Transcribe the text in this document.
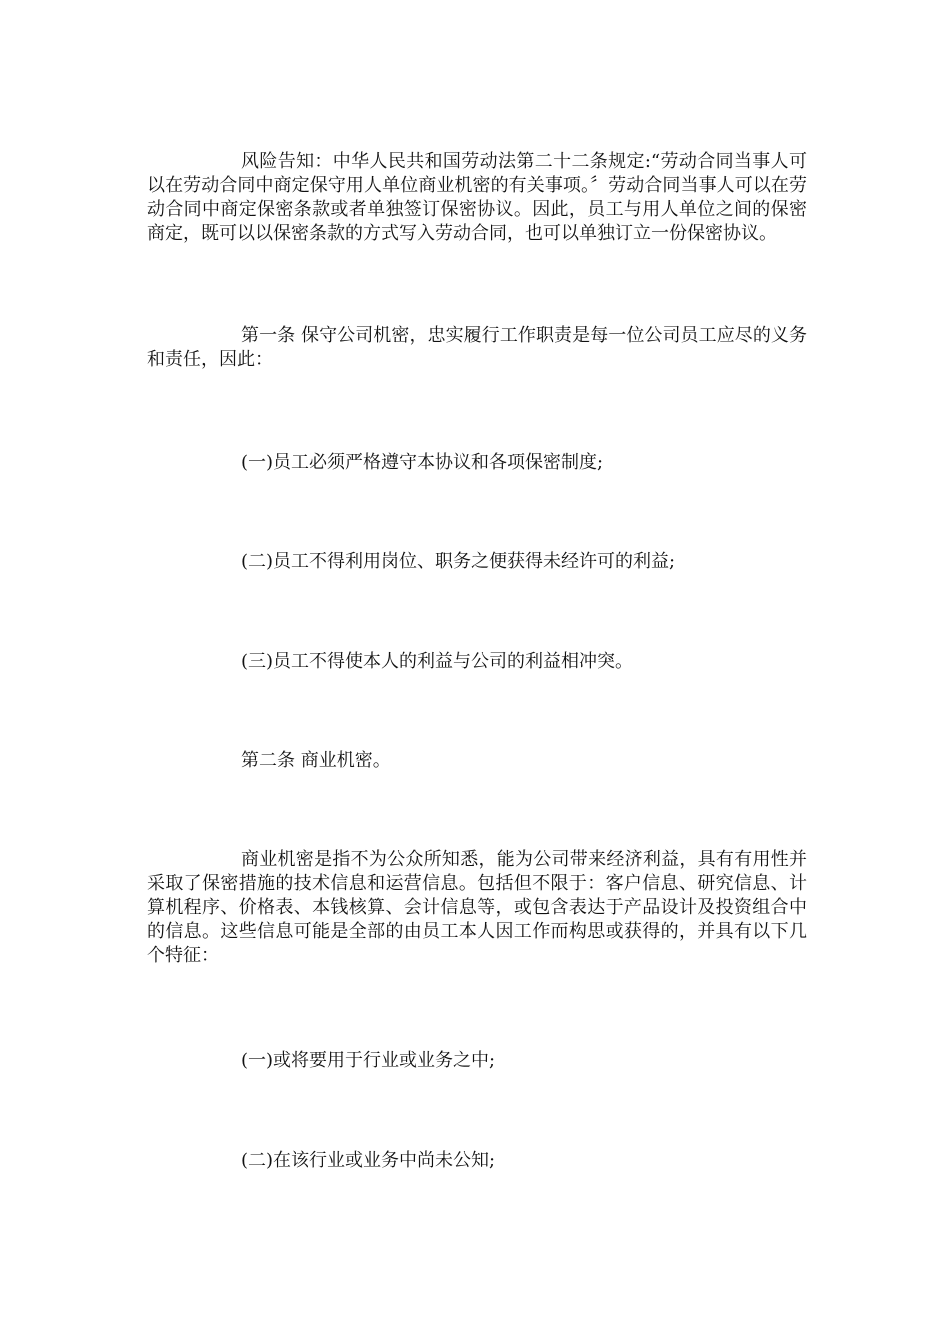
风险告知：中华人民共和国劳动法第二十二条规定:“劳动合同当事人可以在劳动合同中商定保守用人单位商业机密的有关事项。〞劳动合同当事人可以在劳动合同中商定保密条款或者单独签订保密协议。因此，员工与用人单位之间的保密商定，既可以以保密条款的方式写入劳动合同，也可以单独订立一份保密协议。

第一条 保守公司机密，忠实履行工作职责是每一位公司员工应尽的义务和责任，因此：

(一)员工必须严格遵守本协议和各项保密制度;

(二)员工不得利用岗位、职务之便获得未经许可的利益;

(三)员工不得使本人的利益与公司的利益相冲突。

第二条 商业机密。

商业机密是指不为公众所知悉，能为公司带来经济利益，具有有用性并采取了保密措施的技术信息和运营信息。包括但不限于：客户信息、研究信息、计算机程序、价格表、本钱核算、会计信息等，或包含表达于产品设计及投资组合中的信息。这些信息可能是全部的由员工本人因工作而构思或获得的，并具有以下几个特征：

(一)或将要用于行业或业务之中;

(二)在该行业或业务中尚未公知;
